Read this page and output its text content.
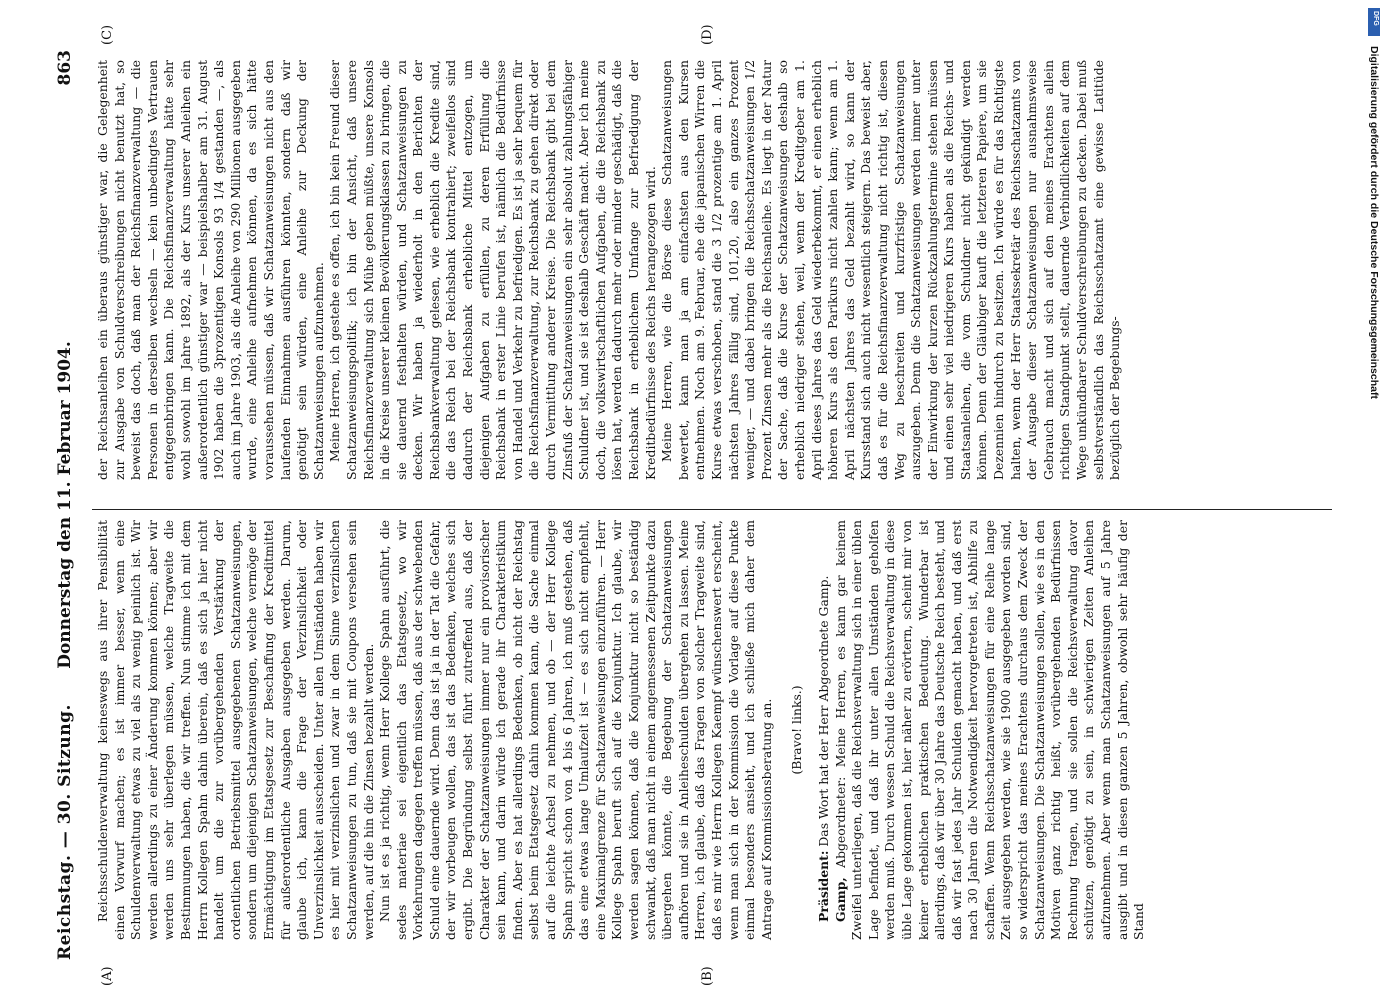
Reichstag. — 30. Sitzung.
Donnerstag den 11. Februar 1904.
863
(A)	(B)
(C)	(D)

Reichsschuldenverwaltung keineswegs aus ihrer Pensibilität einen Vorwurf machen; es ist immer besser, wenn eine Schuldenverwaltung etwas zu viel als zu wenig peinlich ist. Wir werden allerdings zu einer Änderung kommen können; aber wir werden uns sehr überlegen müssen, welche Tragweite die Bestimmungen haben, die wir treffen. Nun stimme ich mit dem Herrn Kollegen Spahn dahin überein, daß es sich ja hier nicht handelt um die zur vorübergehenden Verstärkung der ordentlichen Betriebsmittel ausgegebenen Schatzanweisungen, sondern um diejenigen Schatzanweisungen, welche vermöge der Ermächtigung im Etatsgesetz zur Beschaffung der Kreditmittel für außerordentliche Ausgaben ausgegeben werden. Darum, glaube ich, kann die Frage der Verzinslichkeit oder Unverzinslichkeit ausscheiden. Unter allen Umständen haben wir es hier mit verzinslichen und zwar in dem Sinne verzinslichen Schatzanweisungen zu tun, daß sie mit Coupons versehen sein werden, auf die hin die Zinsen bezahlt werden. Nun ist es ja richtig, wenn Herr Kollege Spahn ausführt, die sedes materiae sei eigentlich das Etatsgesetz, wo wir Vorkehrungen dagegen treffen müssen, daß aus der schwebenden Schuld eine dauernde wird. Denn das ist ja in der Tat die Gefahr, der wir vorbeugen wollen, das ist das Bedenken, welches sich ergibt. Die Begründung selbst führt zutreffend aus, daß der Charakter der Schatzanweisungen immer nur ein provisorischer sein kann, und darin würde ich gerade ihr Charakteristikum finden. Aber es hat allerdings Bedenken, ob nicht der Reichstag selbst beim Etatsgesetz dahin kommen kann, die Sache einmal auf die leichte Achsel zu nehmen, und ob — der Herr Kollege Spahn spricht schon von 4 bis 6 Jahren, ich muß gestehen, daß das eine etwas lange Umlaufzeit ist — es sich nicht empfiehlt, eine Maximalgrenze für Schatzanweisungen einzuführen. — Herr Kollege Spahn beruft sich auf die Konjunktur. Ich glaube, wir werden sagen können, daß die Konjunktur nicht so beständig schwankt, daß man nicht in einem angemessenen Zeitpunkte dazu übergehen könnte, die Begebung der Schatzanweisungen aufhören und sie in Anleiheschulden übergehen zu lassen. Meine Herren, ich glaube, daß das Fragen von solcher Tragweite sind, daß es mir wie Herrn Kollegen Kaempf wünschenswert erscheint, wenn man sich in der Kommission die Vorlage auf diese Punkte einmal besonders ansieht, und ich schließe mich daher dem Antrage auf Kommissionsberatung an. (Bravo! links.)

Präsident: Das Wort hat der Herr Abgeordnete Gamp.

Gamp, Abgeordneter: Meine Herren, es kann gar keinem Zweifel unterliegen, daß die Reichsverwaltung sich in einer üblen Lage befindet, und daß ihr unter allen Umständen geholfen werden muß. Durch wessen Schuld die Reichsverwaltung in diese üble Lage gekommen ist, hier näher zu erörtern, scheint mir von keiner erheblichen praktischen Bedeutung. Wunderbar ist allerdings, daß wir über 30 Jahre das Deutsche Reich besteht, und daß wir fast jedes Jahr Schulden gemacht haben, und daß erst nach 30 Jahren die Notwendigkeit hervorgetreten ist, Abhilfe zu schaffen. Wenn Reichsschatzanweisungen für eine Reihe lange Zeit ausgegeben werden, wie sie 1900 ausgegeben worden sind, so widerspricht das meines Erachtens durchaus dem Zweck der Schatzanweisungen. Die Schatzanweisungen sollen, wie es in den Motiven ganz richtig heißt, vorübergehenden Bedürfnissen Rechnung tragen, und sie sollen die Reichsverwaltung davor schützen, genötigt zu sein, in schwierigen Zeiten Anleihen aufzunehmen. Aber wenn man Schatzanweisungen auf 5 Jahre ausgibt und in diesen ganzen 5 Jahren, obwohl sehr häufig der Stand

der Reichsanleihen ein überaus günstiger war, die Gelegenheit zur Ausgabe von Schuldverschreibungen nicht benutzt hat, so beweist das doch, daß man der Reichsfinanzverwaltung — die Personen in derselben wechseln — kein unbedingtes Vertrauen entgegenbringen kann. Die Reichsfinanzverwaltung hätte sehr wohl sowohl im Jahre 1892, als der Kurs unserer Anleihen ein außerordentlich günstiger war — beispielshalber am 31. August 1902 haben die 3prozentigen Konsols 93 1/4 gestanden —, als auch im Jahre 1903, als die Anleihe von 290 Millionen ausgegeben wurde, eine Anleihe aufnehmen können, da es sich hätte voraussehen müssen, daß wir Schatzanweisungen nicht aus den laufenden Einnahmen ausführen könnten, sondern daß wir genötigt sein würden, eine Anleihe zur Deckung der Schatzanweisungen aufzunehmen. Meine Herren, ich gestehe es offen, ich bin kein Freund dieser Schatzanweisungspolitik; ich bin der Ansicht, daß unsere Reichsfinanzverwaltung sich Mühe geben müßte, unsere Konsols in die Kreise unserer kleinen Bevölkerungsklassen zu bringen, die sie dauernd festhalten würden, und Schatzanweisungen zu decken. Wir haben ja wiederholt in den Berichten der Reichsbankverwaltung gelesen, wie erheblich die Kredite sind, die das Reich bei der Reichsbank kontrahiert; zweifellos sind dadurch der Reichsbank erhebliche Mittel entzogen, um diejenigen Aufgaben zu erfüllen, zu deren Erfüllung die Reichsbank in erster Linie berufen ist, nämlich die Bedürfnisse von Handel und Verkehr zu befriedigen. Es ist ja sehr bequem für die Reichsfinanzverwaltung, zur Reichsbank zu gehen direkt oder durch Vermittlung anderer Kreise. Die Reichsbank gibt bei dem Zinsfuß der Schatzanweisungen ein sehr absolut zahlungsfähiger Schuldner ist, und sie ist deshalb Geschäft macht. Aber ich meine doch, die volkswirtschaftlichen Aufgaben, die die Reichsbank zu lösen hat, werden dadurch mehr oder minder geschädigt, daß die Reichsbank in erheblichem Umfange zur Befriedigung der Kreditbedürfnisse des Reichs herangezogen wird. Meine Herren, wie die Börse diese Schatzanweisungen bewertet, kann man ja am einfachsten aus den Kursen entnehmen. Noch am 9. Februar, ehe die japanischen Wirren die Kurse etwas verschoben, stand die 3 1/2 prozentige am 1. April nächsten Jahres fällig sind, 101,20, also ein ganzes Prozent weniger, — und dabei bringen die Reichsschatzanweisungen 1/2 Prozent Zinsen mehr als die Reichsanleihe. Es liegt in der Natur der Sache, daß die Kurse der Schatzanweisungen deshalb so erheblich niedriger stehen, weil, wenn der Kreditgeber am 1. April dieses Jahres das Geld wiederbekommt, er einen erheblich höheren Kurs als den Parikurs nicht zahlen kann; wenn am 1. April nächsten Jahres das Geld bezahlt wird, so kann der Kursstand sich auch nicht wesentlich steigern. Das beweist aber, daß es für die Reichsfinanzverwaltung nicht richtig ist, diesen Weg zu beschreiten und kurzfristige Schatzanweisungen auszugeben. Denn die Schatzanweisungen werden immer unter der Einwirkung der kurzen Rückzahlungstermine stehen müssen und einen sehr viel niedrigeren Kurs haben als die Reichs- und Staatsanleihen, die vom Schuldner nicht gekündigt werden können. Denn der Gläubiger kauft die letzteren Papiere, um sie Dezennien hindurch zu besitzen. Ich würde es für das Richtigste halten, wenn der Herr Staatssekretär des Reichsschatzamts von der Ausgabe dieser Schatzanweisungen nur ausnahmsweise Gebrauch macht und sich auf den meines Erachtens allein richtigen Standpunkt stellt, dauernde Verbindlichkeiten auf dem Wege unkündbarer Schuldverschreibungen zu decken. Dabei muß selbstverständlich das Reichsschatzamt eine gewisse Latitüde bezüglich der Begebungs-

DFG
Digitalisierung gefördert durch die Deutsche Forschungsgemeinschaft
